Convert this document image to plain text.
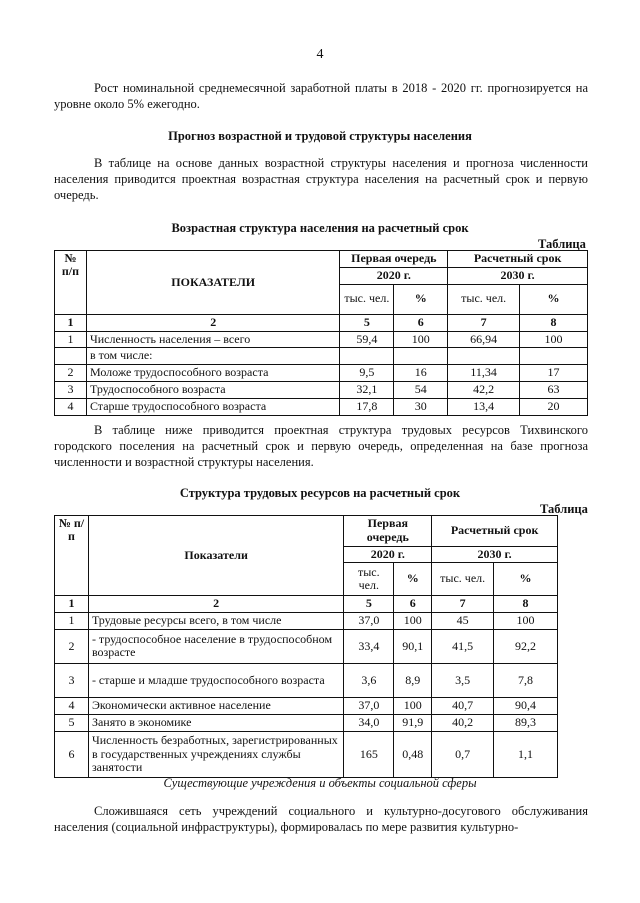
4

Рост номинальной среднемесячной заработной платы в 2018 - 2020 гг. прогнозируется на уровне около 5% ежегодно.

Прогноз возрастной и трудовой структуры населения

В таблице на основе данных возрастной структуры населения и прогноза численности населения приводится проектная возрастная структура населения на расчетный срок и первую очередь.

Возрастная структура населения на расчетный срок

Таблица

№ п/п	ПОКАЗАТЕЛИ	Первая очередь		Расчетный срок	
		2020 г.		2030 г.	
		тыс. чел.	%	тыс. чел.	%
1	2	5	6	7	8
1	Численность населения – всего	59,4	100	66,94	100
	в том числе:				
2	Моложе трудоспособного возраста	9,5	16	11,34	17
3	Трудоспособного возраста	32,1	54	42,2	63
4	Старше трудоспособного возраста	17,8	30	13,4	20

В таблице ниже приводится проектная структура трудовых ресурсов Тихвинского городского поселения на расчетный срок и первую очередь, определенная на базе прогноза численности и возрастной структуры населения.

Структура трудовых ресурсов на расчетный срок

Таблица

№ п/п	Показатели	Первая очередь		Расчетный срок	
		2020 г.		2030 г.	
		тыс. чел.	%	тыс. чел.	%
1	2	5	6	7	8
1	Трудовые ресурсы всего, в том числе	37,0	100	45	100
2	- трудоспособное население в трудоспособном возрасте	33,4	90,1	41,5	92,2
3	- старше и младше трудоспособного возраста	3,6	8,9	3,5	7,8
4	Экономически активное население	37,0	100	40,7	90,4
5	Занято в экономике	34,0	91,9	40,2	89,3
6	Численность безработных, зарегистрированных в государственных учреждениях службы занятости	165	0,48	0,7	1,1

Существующие учреждения и объекты социальной сферы

Сложившаяся сеть учреждений социального и культурно-досугового обслуживания населения (социальной инфраструктуры), формировалась по мере развития культурно-
